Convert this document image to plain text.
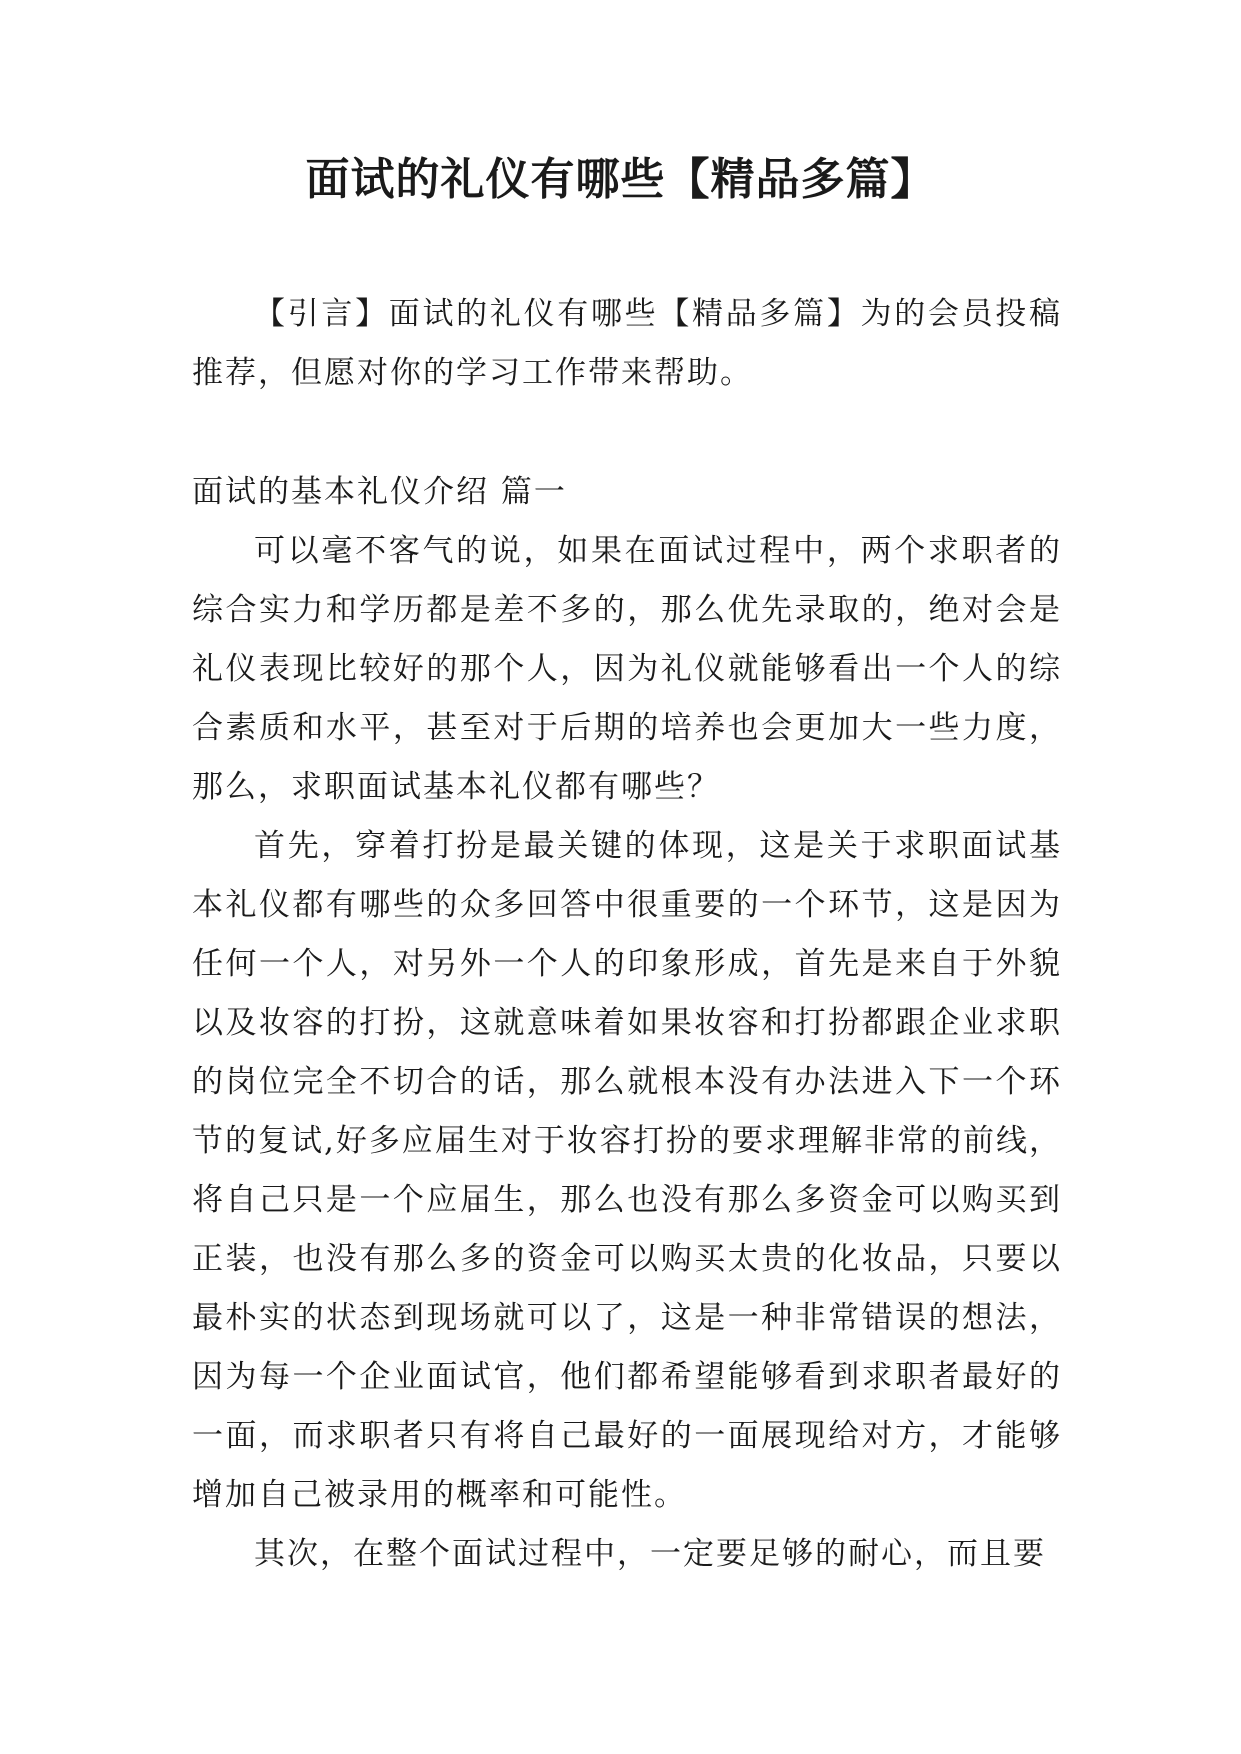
面试的礼仪有哪些【精品多篇】

【引言】面试的礼仪有哪些【精品多篇】为的会员投稿推荐，但愿对你的学习工作带来帮助。

面试的基本礼仪介绍 篇一

可以毫不客气的说，如果在面试过程中，两个求职者的综合实力和学历都是差不多的，那么优先录取的，绝对会是礼仪表现比较好的那个人，因为礼仪就能够看出一个人的综合素质和水平，甚至对于后期的培养也会更加大一些力度，那么，求职面试基本礼仪都有哪些？

首先，穿着打扮是最关键的体现，这是关于求职面试基本礼仪都有哪些的众多回答中很重要的一个环节，这是因为任何一个人，对另外一个人的印象形成，首先是来自于外貌以及妆容的打扮，这就意味着如果妆容和打扮都跟企业求职的岗位完全不切合的话，那么就根本没有办法进入下一个环节的复试,好多应届生对于妆容打扮的要求理解非常的前线，将自己只是一个应届生，那么也没有那么多资金可以购买到正装，也没有那么多的资金可以购买太贵的化妆品，只要以最朴实的状态到现场就可以了，这是一种非常错误的想法，因为每一个企业面试官，他们都希望能够看到求职者最好的一面，而求职者只有将自己最好的一面展现给对方，才能够增加自己被录用的概率和可能性。

其次，在整个面试过程中，一定要足够的耐心，而且要
